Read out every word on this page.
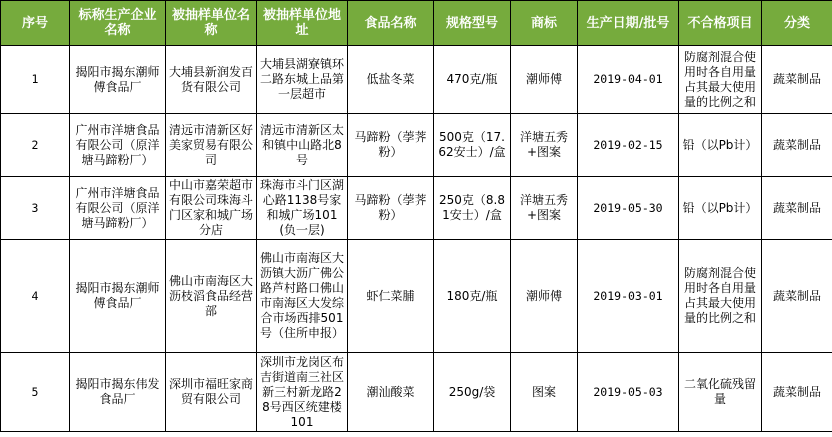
序号	标称生产企业名称	被抽样单位名称	被抽样单位地址	食品名称	规格型号	商标	生产日期/批号	不合格项目	分类
1	揭阳市揭东潮师傅食品厂	大埔县新润发百货有限公司	大埔县湖寮镇环二路东城上品第一层超市	低盐冬菜	470克/瓶	潮师傅	2019-04-01	防腐剂混合使用时各自用量占其最大使用量的比例之和	蔬菜制品
2	广州市洋塘食品有限公司（原洋塘马蹄粉厂）	清远市清新区好美家贸易有限公司	清远市清新区太和镇中山路北8号	马蹄粉（荸荠粉）	500克（17.62安士）/盒	洋塘五秀+图案	2019-02-15	铅（以Pb计）	蔬菜制品
3	广州市洋塘食品有限公司（原洋塘马蹄粉厂）	中山市嘉荣超市有限公司珠海斗门区家和城广场分店	珠海市斗门区湖心路1138号家和城广场101(负一层)	马蹄粉（荸荠粉）	250克（8.81安士）/盒	洋塘五秀+图案	2019-05-30	铅（以Pb计）	蔬菜制品
4	揭阳市揭东潮师傅食品厂	佛山市南海区大沥枝滔食品经营部	佛山市南海区大沥镇大沥广佛公路芦村路口佛山市南海区大发综合市场西排501号（住所申报）	虾仁菜脯	180克/瓶	潮师傅	2019-03-01	防腐剂混合使用时各自用量占其最大使用量的比例之和	蔬菜制品
5	揭阳市揭东伟发食品厂	深圳市福旺家商贸有限公司	深圳市龙岗区布吉街道南三社区新三村新龙路28号西区统建楼101	潮汕酸菜	250g/袋	图案	2019-05-03	二氧化硫残留量	蔬菜制品
